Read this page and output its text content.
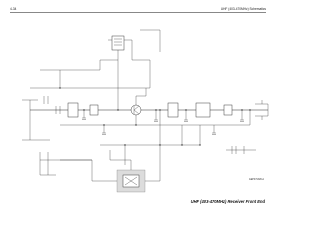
4-34	UHF (403-470MHz) Schematics
GEPD 5328-A
UHF (403-470MHz) Receiver Front End
